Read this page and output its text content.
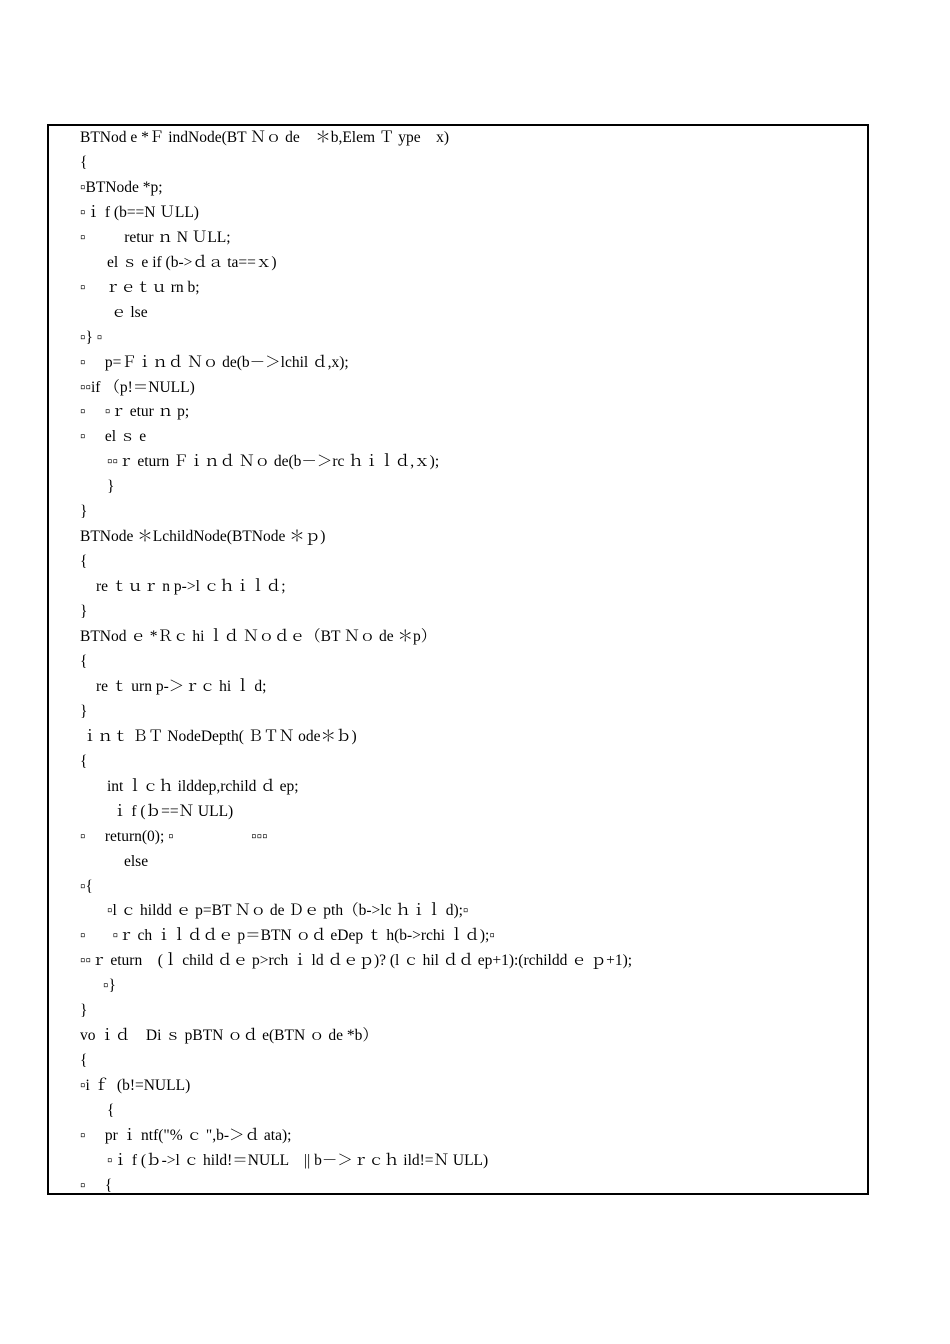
BTNod e *Ｆ indNode(BT Ｎｏ de    ＊b,Elem Ｔ ype    x)
{
▫BTNode *p;
▫ｉ f (b==N ＵLL)
▫          retur ｎ N ＵLL;
el ｓ e if (b->ｄａ ta==ｘ)
▫     ｒｅｔｕ rn b;
ｅ lse
▫} ▫
▫     p=Ｆｉｎｄ Ｎｏ de(b－＞lchil ｄ,x);
▫▫if （p!＝NULL)
▫     ▫ｒ etur ｎ p;
▫     el ｓ e
▫▫ｒ eturn Ｆｉｎｄ Ｎｏ de(b－＞rc ｈｉｌｄ,ｘ);
}
}
BTNode ＊LchildNode(BTNode ＊ｐ)
{
re ｔｕｒ n p->l ｃｈｉｌｄ;
}
BTNod ｅ *Ｒｃ hi ｌｄ Ｎｏｄｅ（BT Ｎｏ de ＊p）
{
re ｔ urn p-＞ｒｃ hi ｌ d;
}
ｉｎｔ ＢＴ NodeDepth( ＢＴＮ ode＊ｂ)
{
int ｌｃｈ ilddep,rchild ｄ ep;
ｉ f (ｂ==Ｎ ULL)
▫     return(0); ▫                    ▫▫▫
else
▫{
▫l ｃ hildd ｅ p=BT Ｎｏ de Ｄｅ pth（b->lc ｈｉｌ d);▫
▫       ▫ｒ ch ｉｌｄｄｅ p＝BTN ｏｄ eDep ｔ h(b->rchi ｌｄ);▫
▫▫ｒ eturn    (ｌ child ｄｅ p>rch ｉ ld ｄｅｐ)? (l ｃ hil ｄｄ ep+1):(rchildd ｅ ｐ+1);
▫}
}
vo ｉｄ    Di ｓ pBTN ｏｄ e(BTN ｏ de *b）
{
▫i ｆ  (b!=NULL)
{
▫     pr ｉ ntf("% ｃ ",b-＞ｄ ata);
▫ｉ f (ｂ->l ｃ hild!＝NULL    || b－＞ｒｃｈ ild!=Ｎ ULL)
▫     {
